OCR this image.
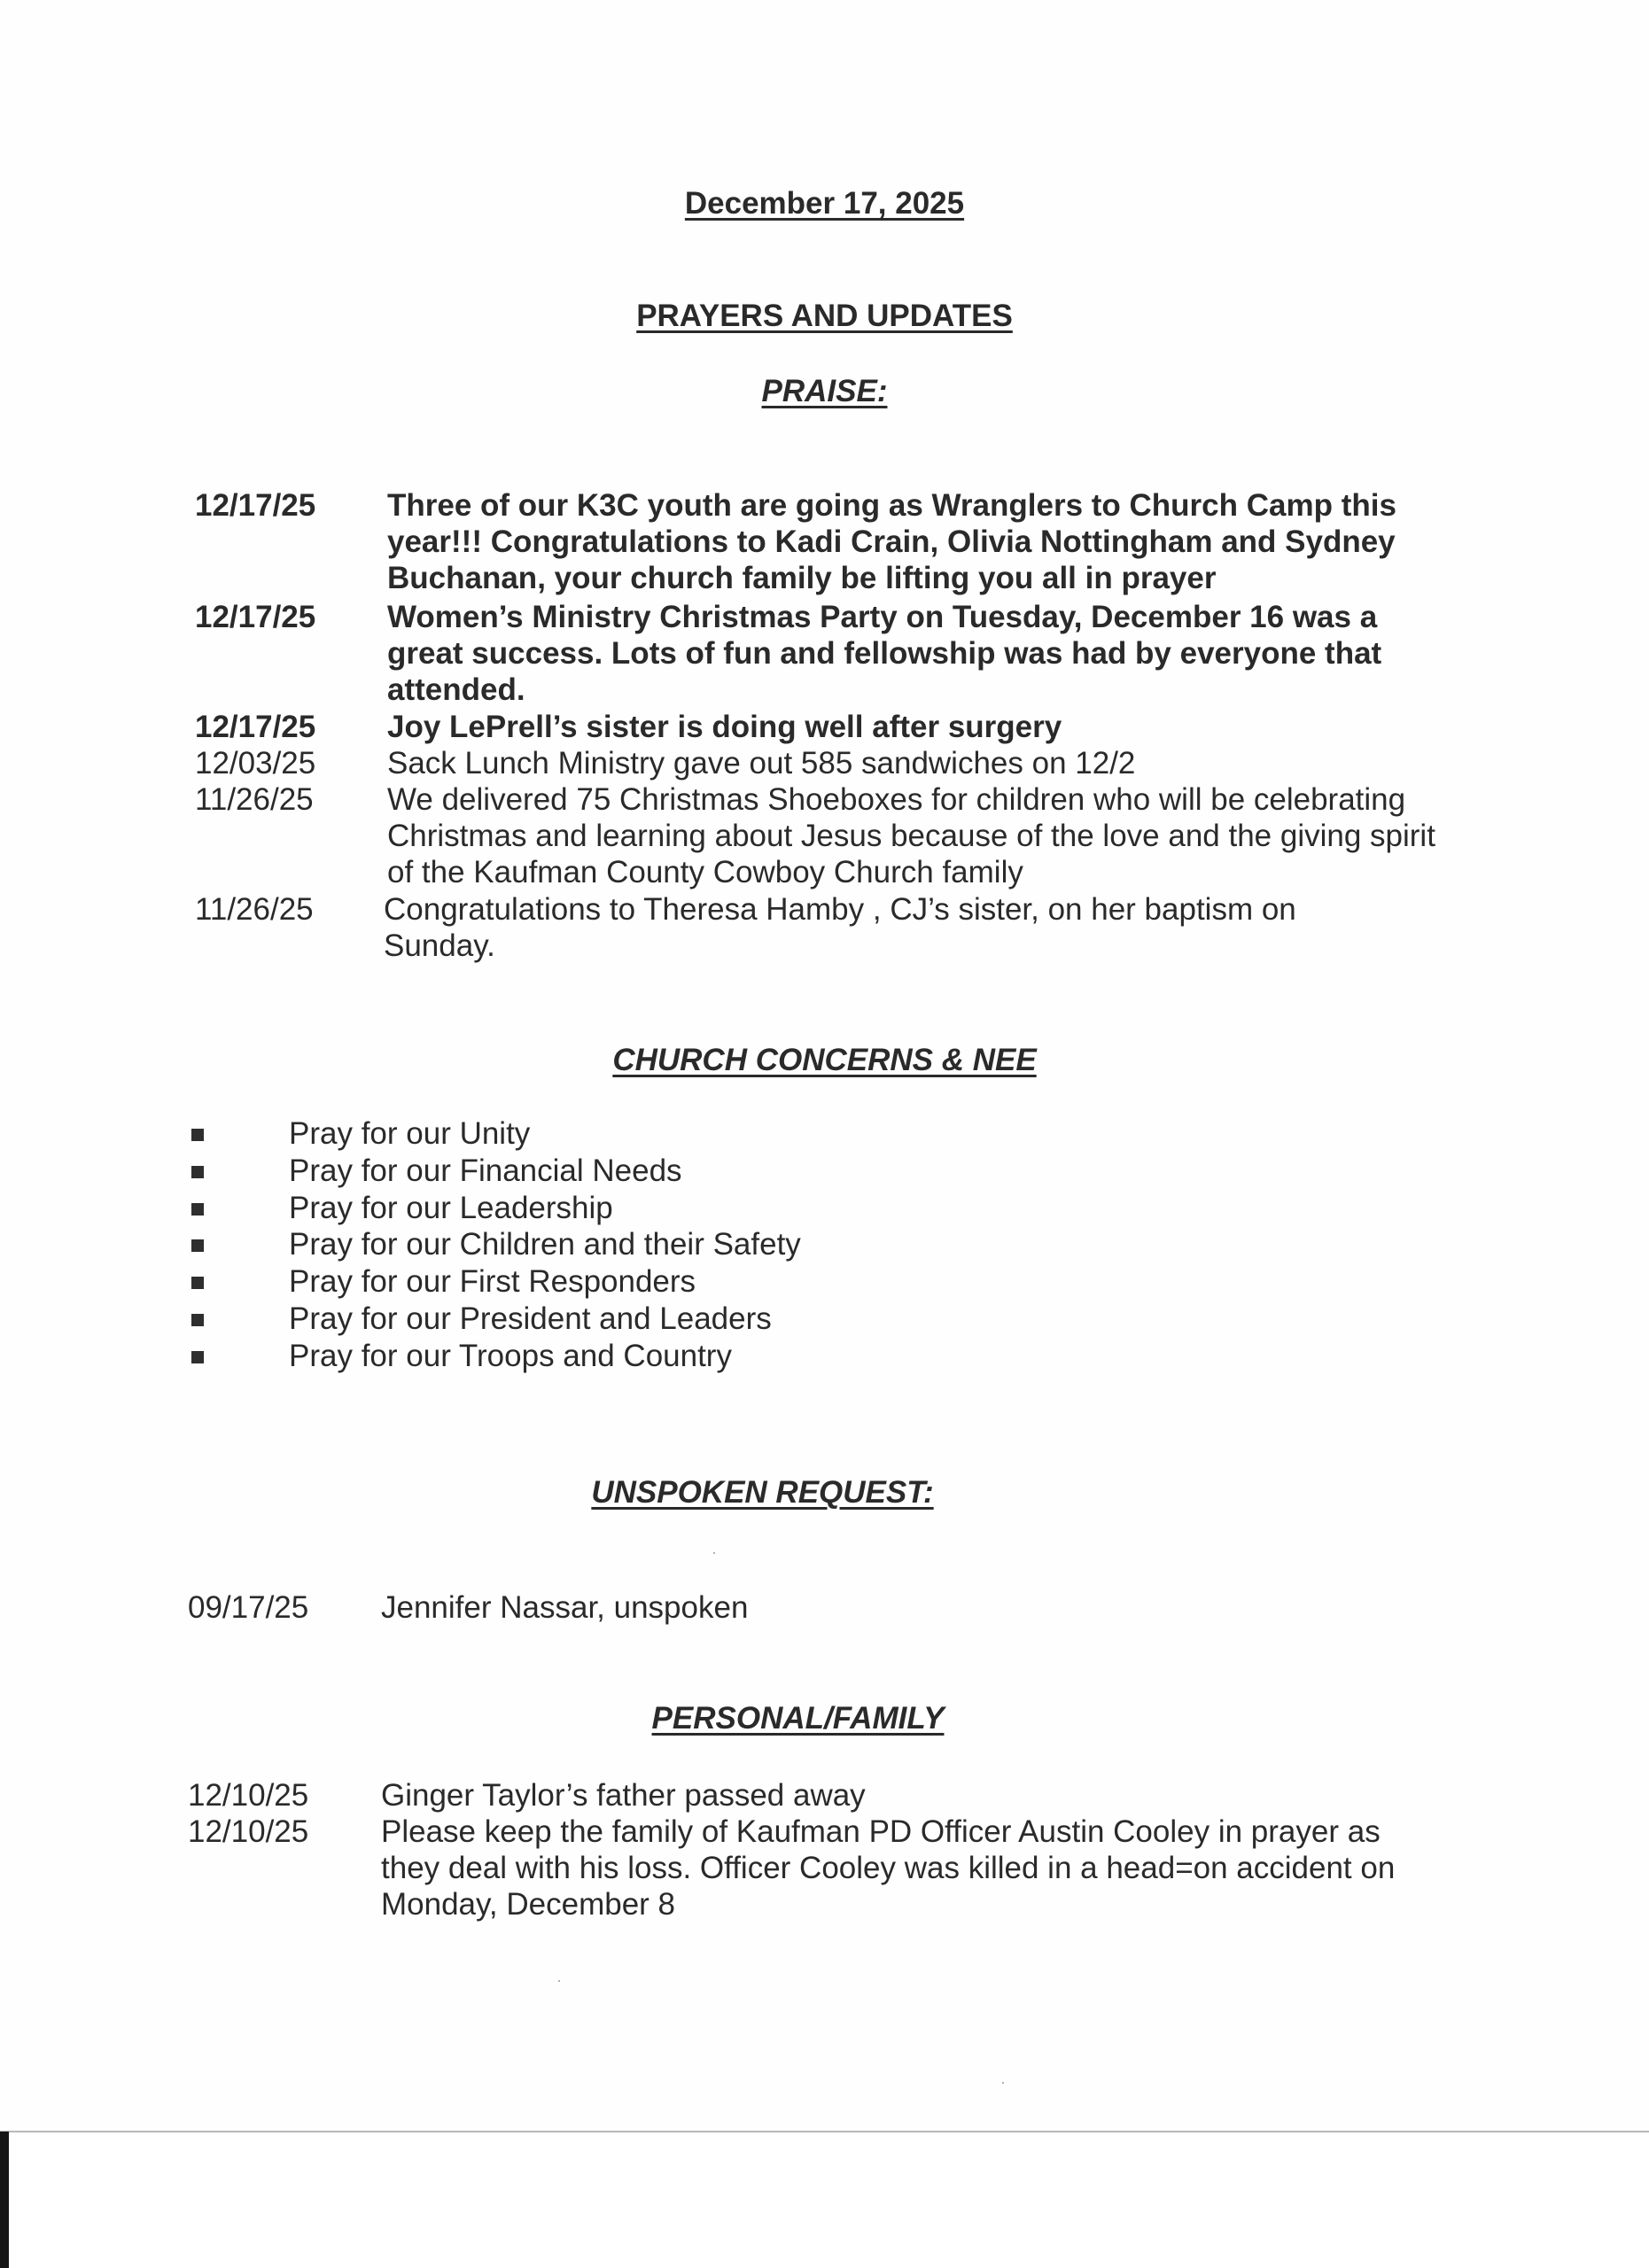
December 17, 2025
PRAYERS AND UPDATES
PRAISE:
12/17/25 Three of our K3C youth are going as Wranglers to Church Camp this year!!! Congratulations to Kadi Crain, Olivia Nottingham and Sydney Buchanan, your church family be lifting you all in prayer
12/17/25 Women’s Ministry Christmas Party on Tuesday, December 16 was a great success. Lots of fun and fellowship was had by everyone that attended.
12/17/25 Joy LePrell’s sister is doing well after surgery
12/03/25 Sack Lunch Ministry gave out 585 sandwiches on 12/2
11/26/25 We delivered 75 Christmas Shoeboxes for children who will be celebrating Christmas and learning about Jesus because of the love and the giving spirit of the Kaufman County Cowboy Church family
11/26/25 Congratulations to Theresa Hamby , CJ’s sister, on her baptism on Sunday.
CHURCH CONCERNS & NEE
Pray for our Unity
Pray for our Financial Needs
Pray for our Leadership
Pray for our Children and their Safety
Pray for our First Responders
Pray for our President and Leaders
Pray for our Troops and Country
UNSPOKEN REQUEST:
09/17/25 Jennifer Nassar, unspoken
PERSONAL/FAMILY
12/10/25 Ginger Taylor’s father passed away
12/10/25 Please keep the family of Kaufman PD Officer Austin Cooley in prayer as they deal with his loss. Officer Cooley was killed in a head=on accident on Monday, December 8
